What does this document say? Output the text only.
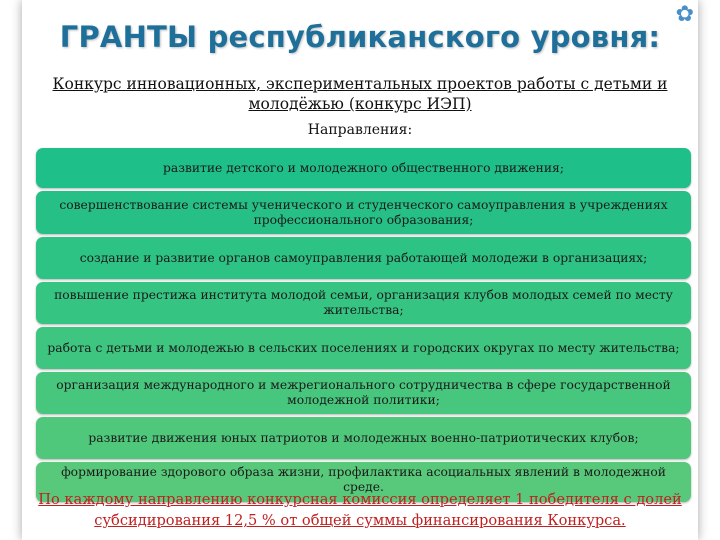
✿
ГРАНТЫ республиканского уровня:
Конкурс инновационных, экспериментальных проектов работы с детьми и молодёжью (конкурс ИЭП)
Направления:
развитие детского и молодежного общественного движения;
совершенствование системы ученического и студенческого самоуправления в учреждениях профессионального образования;
создание и развитие органов самоуправления работающей молодежи в организациях;
повышение престижа института молодой семьи, организация клубов молодых семей по месту жительства;
работа с детьми и молодежью в сельских поселениях и городских округах по месту жительства;
организация международного и межрегионального сотрудничества в сфере государственной молодежной политики;
развитие движения юных патриотов и молодежных военно-патриотических клубов;
формирование здорового образа жизни, профилактика асоциальных явлений в молодежной среде.
По каждому направлению конкурсная комиссия определяет 1 победителя с долей субсидирования 12,5 % от общей суммы финансирования Конкурса.
